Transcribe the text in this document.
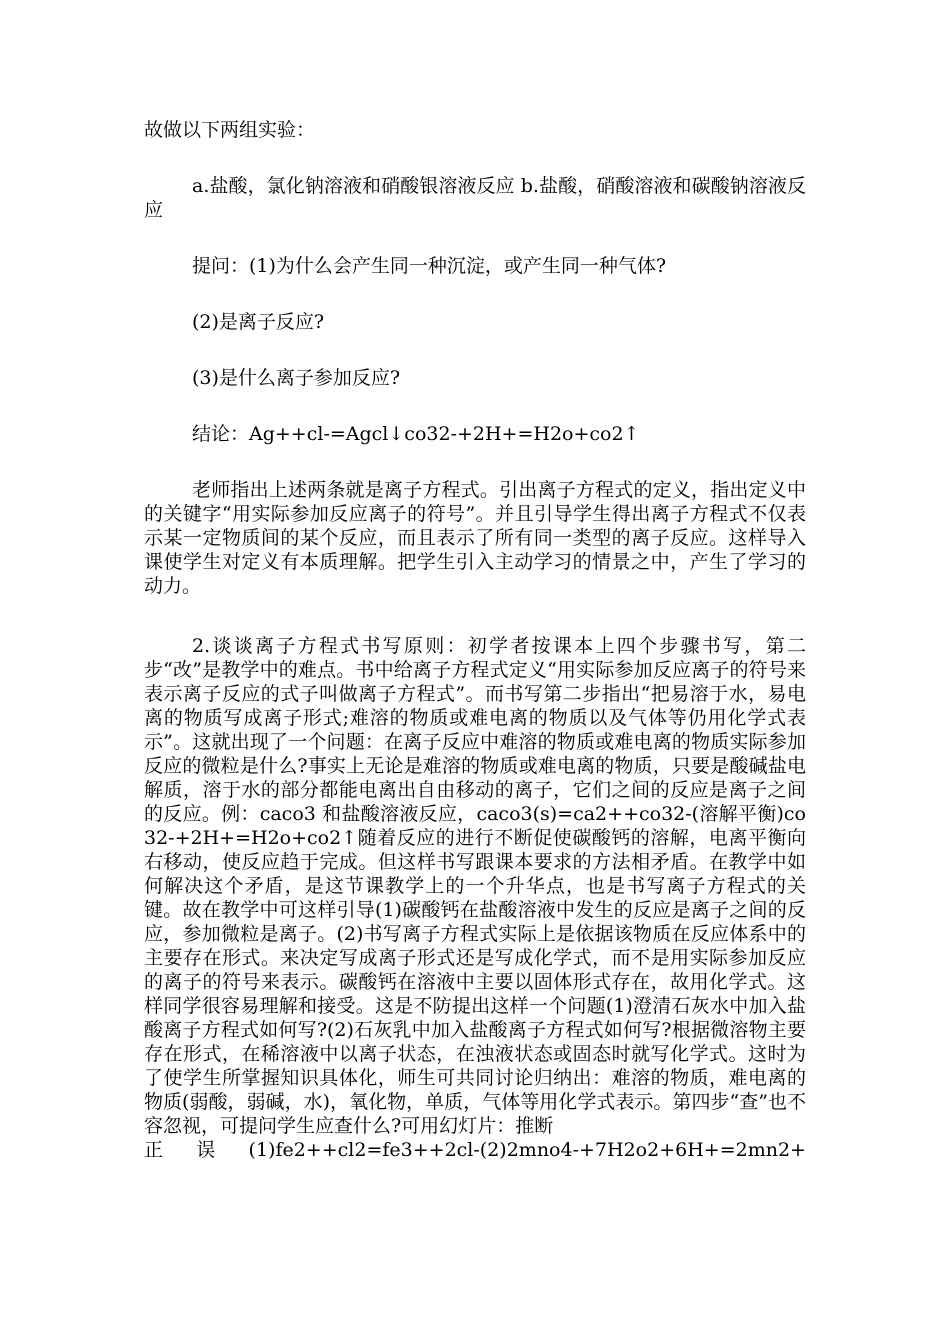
故做以下两组实验：

a.盐酸，氯化钠溶液和硝酸银溶液反应 b.盐酸，硝酸溶液和碳酸钠溶液反应

提问：(1)为什么会产生同一种沉淀，或产生同一种气体?

(2)是离子反应?

(3)是什么离子参加反应?

结论：Ag++cl-=Agcl↓co32-+2H+=H2o+co2↑

老师指出上述两条就是离子方程式。引出离子方程式的定义，指出定义中的关键字“用实际参加反应离子的符号”。并且引导学生得出离子方程式不仅表示某一定物质间的某个反应，而且表示了所有同一类型的离子反应。这样导入课使学生对定义有本质理解。把学生引入主动学习的情景之中，产生了学习的动力。

2.谈谈离子方程式书写原则：初学者按课本上四个步骤书写，第二步“改”是教学中的难点。书中给离子方程式定义“用实际参加反应离子的符号来表示离子反应的式子叫做离子方程式”。而书写第二步指出“把易溶于水，易电离的物质写成离子形式;难溶的物质或难电离的物质以及气体等仍用化学式表示”。这就出现了一个问题：在离子反应中难溶的物质或难电离的物质实际参加反应的微粒是什么?事实上无论是难溶的物质或难电离的物质，只要是酸碱盐电解质，溶于水的部分都能电离出自由移动的离子，它们之间的反应是离子之间的反应。例：caco3 和盐酸溶液反应，caco3(s)=ca2++co32-(溶解平衡)co32-+2H+=H2o+co2↑随着反应的进行不断促使碳酸钙的溶解，电离平衡向右移动，使反应趋于完成。但这样书写跟课本要求的方法相矛盾。在教学中如何解决这个矛盾，是这节课教学上的一个升华点，也是书写离子方程式的关键。故在教学中可这样引导(1)碳酸钙在盐酸溶液中发生的反应是离子之间的反应，参加微粒是离子。(2)书写离子方程式实际上是依据该物质在反应体系中的主要存在形式。来决定写成离子形式还是写成化学式，而不是用实际参加反应的离子的符号来表示。碳酸钙在溶液中主要以固体形式存在，故用化学式。这样同学很容易理解和接受。这是不防提出这样一个问题(1)澄清石灰水中加入盐酸离子方程式如何写?(2)石灰乳中加入盐酸离子方程式如何写?根据微溶物主要存在形式，在稀溶液中以离子状态，在浊液状态或固态时就写化学式。这时为了使学生所掌握知识具体化，师生可共同讨论归纳出：难溶的物质，难电离的物质(弱酸，弱碱，水)，氧化物，单质，气体等用化学式表示。第四步“查”也不容忽视，可提问学生应查什么?可用幻灯片：推断

正 误 (1)fe2++cl2=fe3++2cl-(2)2mno4-+7H2o2+6H+=2mn2+
